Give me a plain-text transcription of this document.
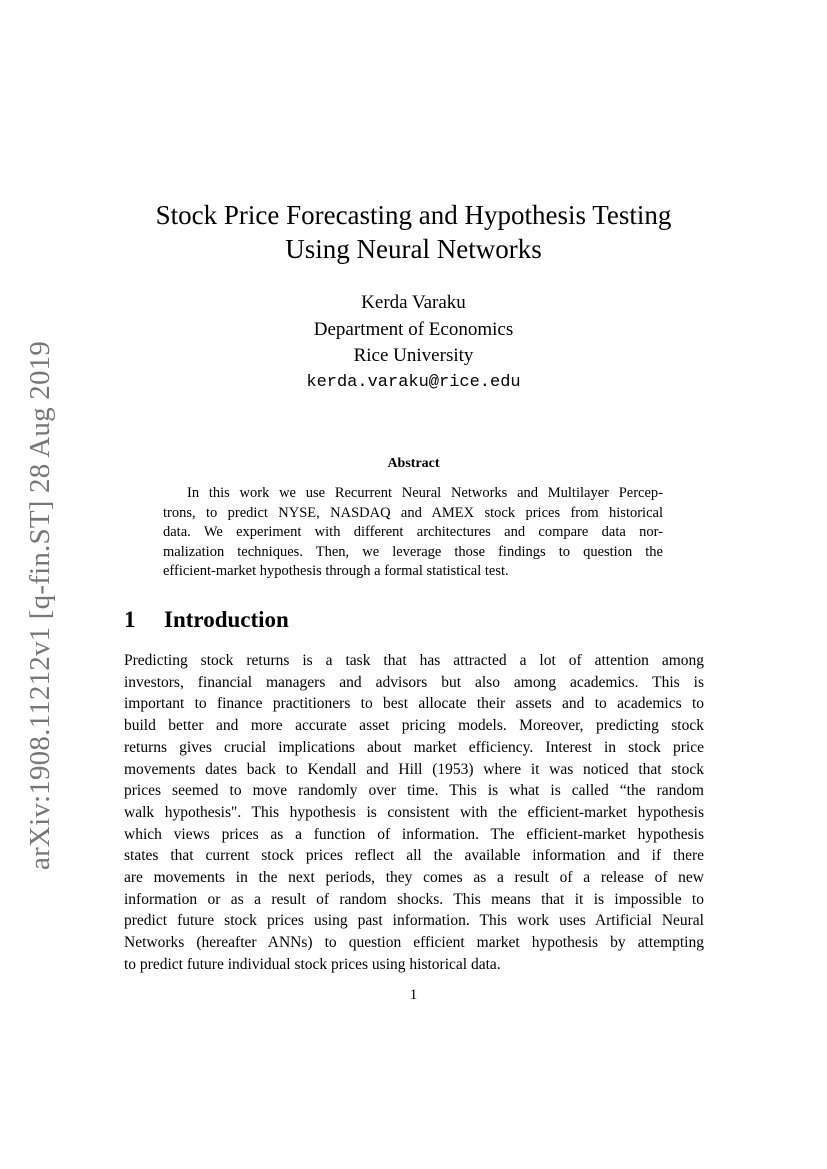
arXiv:1908.11212v1 [q-fin.ST] 28 Aug 2019
Stock Price Forecasting and Hypothesis Testing
Using Neural Networks
Kerda Varaku
Department of Economics
Rice University
kerda.varaku@rice.edu
Abstract
In this work we use Recurrent Neural Networks and Multilayer Percep-
trons, to predict NYSE, NASDAQ and AMEX stock prices from historical
data. We experiment with different architectures and compare data nor-
malization techniques. Then, we leverage those findings to question the
efficient-market hypothesis through a formal statistical test.
1 Introduction
Predicting stock returns is a task that has attracted a lot of attention among
investors, financial managers and advisors but also among academics. This is
important to finance practitioners to best allocate their assets and to academics to
build better and more accurate asset pricing models. Moreover, predicting stock
returns gives crucial implications about market efficiency. Interest in stock price
movements dates back to Kendall and Hill (1953) where it was noticed that stock
prices seemed to move randomly over time. This is what is called “the random
walk hypothesis". This hypothesis is consistent with the efficient-market hypothesis
which views prices as a function of information. The efficient-market hypothesis
states that current stock prices reflect all the available information and if there
are movements in the next periods, they comes as a result of a release of new
information or as a result of random shocks. This means that it is impossible to
predict future stock prices using past information. This work uses Artificial Neural
Networks (hereafter ANNs) to question efficient market hypothesis by attempting
to predict future individual stock prices using historical data.
1
